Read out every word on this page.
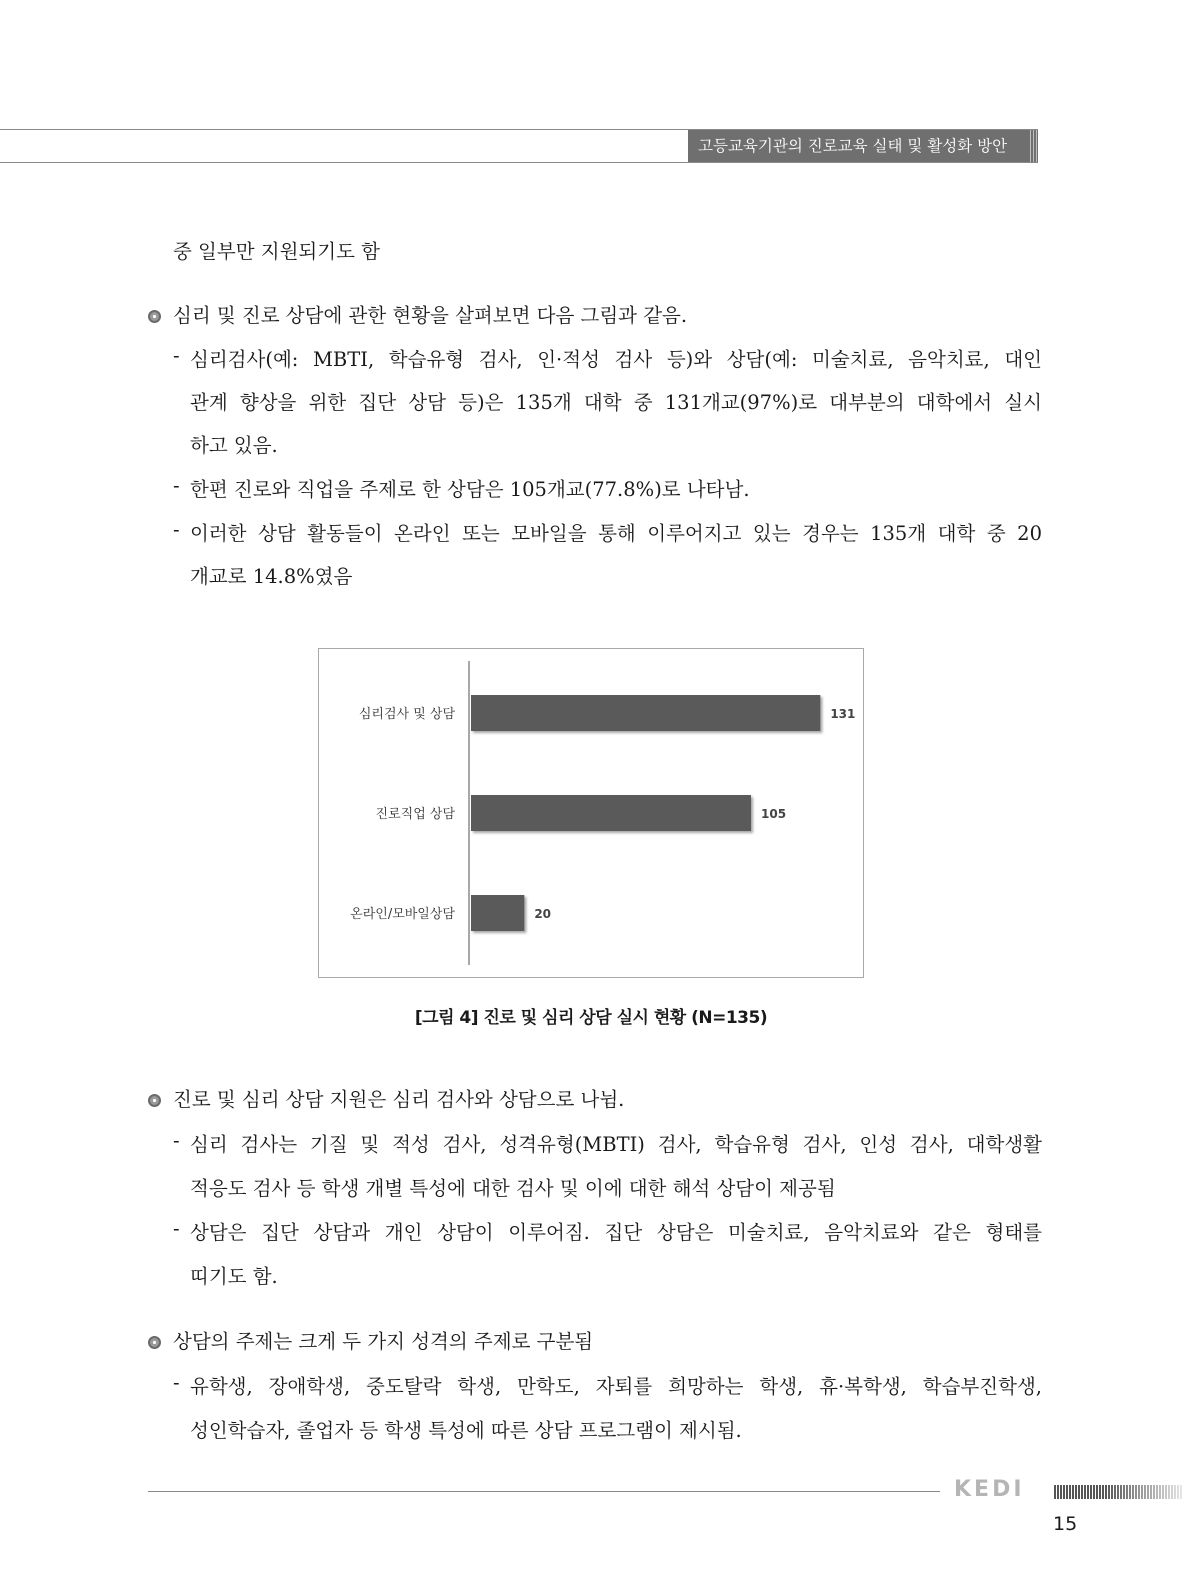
고등교육기관의 진로교육 실태 및 활성화 방안
중 일부만 지원되기도 함
심리 및 진로 상담에 관한 현황을 살펴보면 다음 그림과 같음.
- 심리검사(예: MBTI, 학습유형 검사, 인·적성 검사 등)와 상담(예: 미술치료, 음악치료, 대인
관계 향상을 위한 집단 상담 등)은 135개 대학 중 131개교(97%)로 대부분의 대학에서 실시
하고 있음.
- 한편 진로와 직업을 주제로 한 상담은 105개교(77.8%)로 나타남.
- 이러한 상담 활동들이 온라인 또는 모바일을 통해 이루어지고 있는 경우는 135개 대학 중 20
개교로 14.8%였음
심리검사 및 상담	131
진로직업 상담	105
온라인/모바일상담	20
[그림 4] 진로 및 심리 상담 실시 현황 (N=135)
진로 및 심리 상담 지원은 심리 검사와 상담으로 나뉨.
- 심리 검사는 기질 및 적성 검사, 성격유형(MBTI) 검사, 학습유형 검사, 인성 검사, 대학생활
적응도 검사 등 학생 개별 특성에 대한 검사 및 이에 대한 해석 상담이 제공됨
- 상담은 집단 상담과 개인 상담이 이루어짐. 집단 상담은 미술치료, 음악치료와 같은 형태를
띠기도 함.
상담의 주제는 크게 두 가지 성격의 주제로 구분됨
- 유학생, 장애학생, 중도탈락 학생, 만학도, 자퇴를 희망하는 학생, 휴·복학생, 학습부진학생,
성인학습자, 졸업자 등 학생 특성에 따른 상담 프로그램이 제시됨.
KEDI
15
